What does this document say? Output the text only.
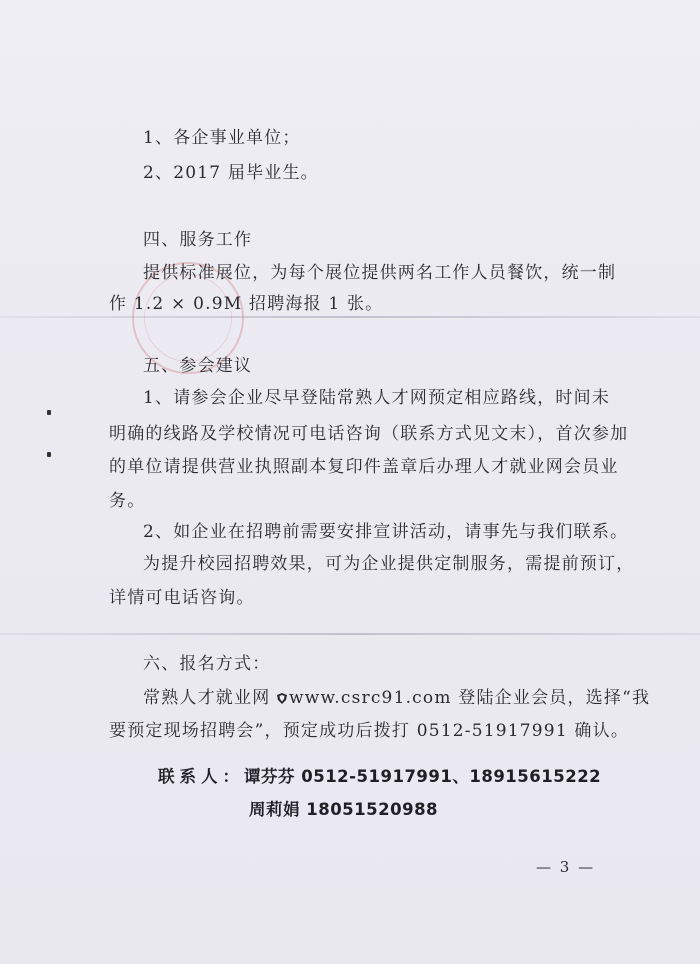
1、各企事业单位；
2、2017 届毕业生。
四、服务工作
提供标准展位，为每个展位提供两名工作人员餐饮，统一制
作 1.2 × 0.9M 招聘海报 1 张。
五、参会建议
1、请参会企业尽早登陆常熟人才网预定相应路线，时间未
明确的线路及学校情况可电话咨询（联系方式见文末），首次参加
的单位请提供营业执照副本复印件盖章后办理人才就业网会员业
务。
2、如企业在招聘前需要安排宣讲活动，请事先与我们联系。
为提升校园招聘效果，可为企业提供定制服务，需提前预订，
详情可电话咨询。
六、报名方式：
常熟人才就业网 www.csrc91.com 登陆企业会员，选择“我
要预定现场招聘会”，预定成功后拨打 0512-51917991 确认。
联系人：谭芬芬 0512-51917991、18915615222
周莉娟 18051520988
— 3 —
